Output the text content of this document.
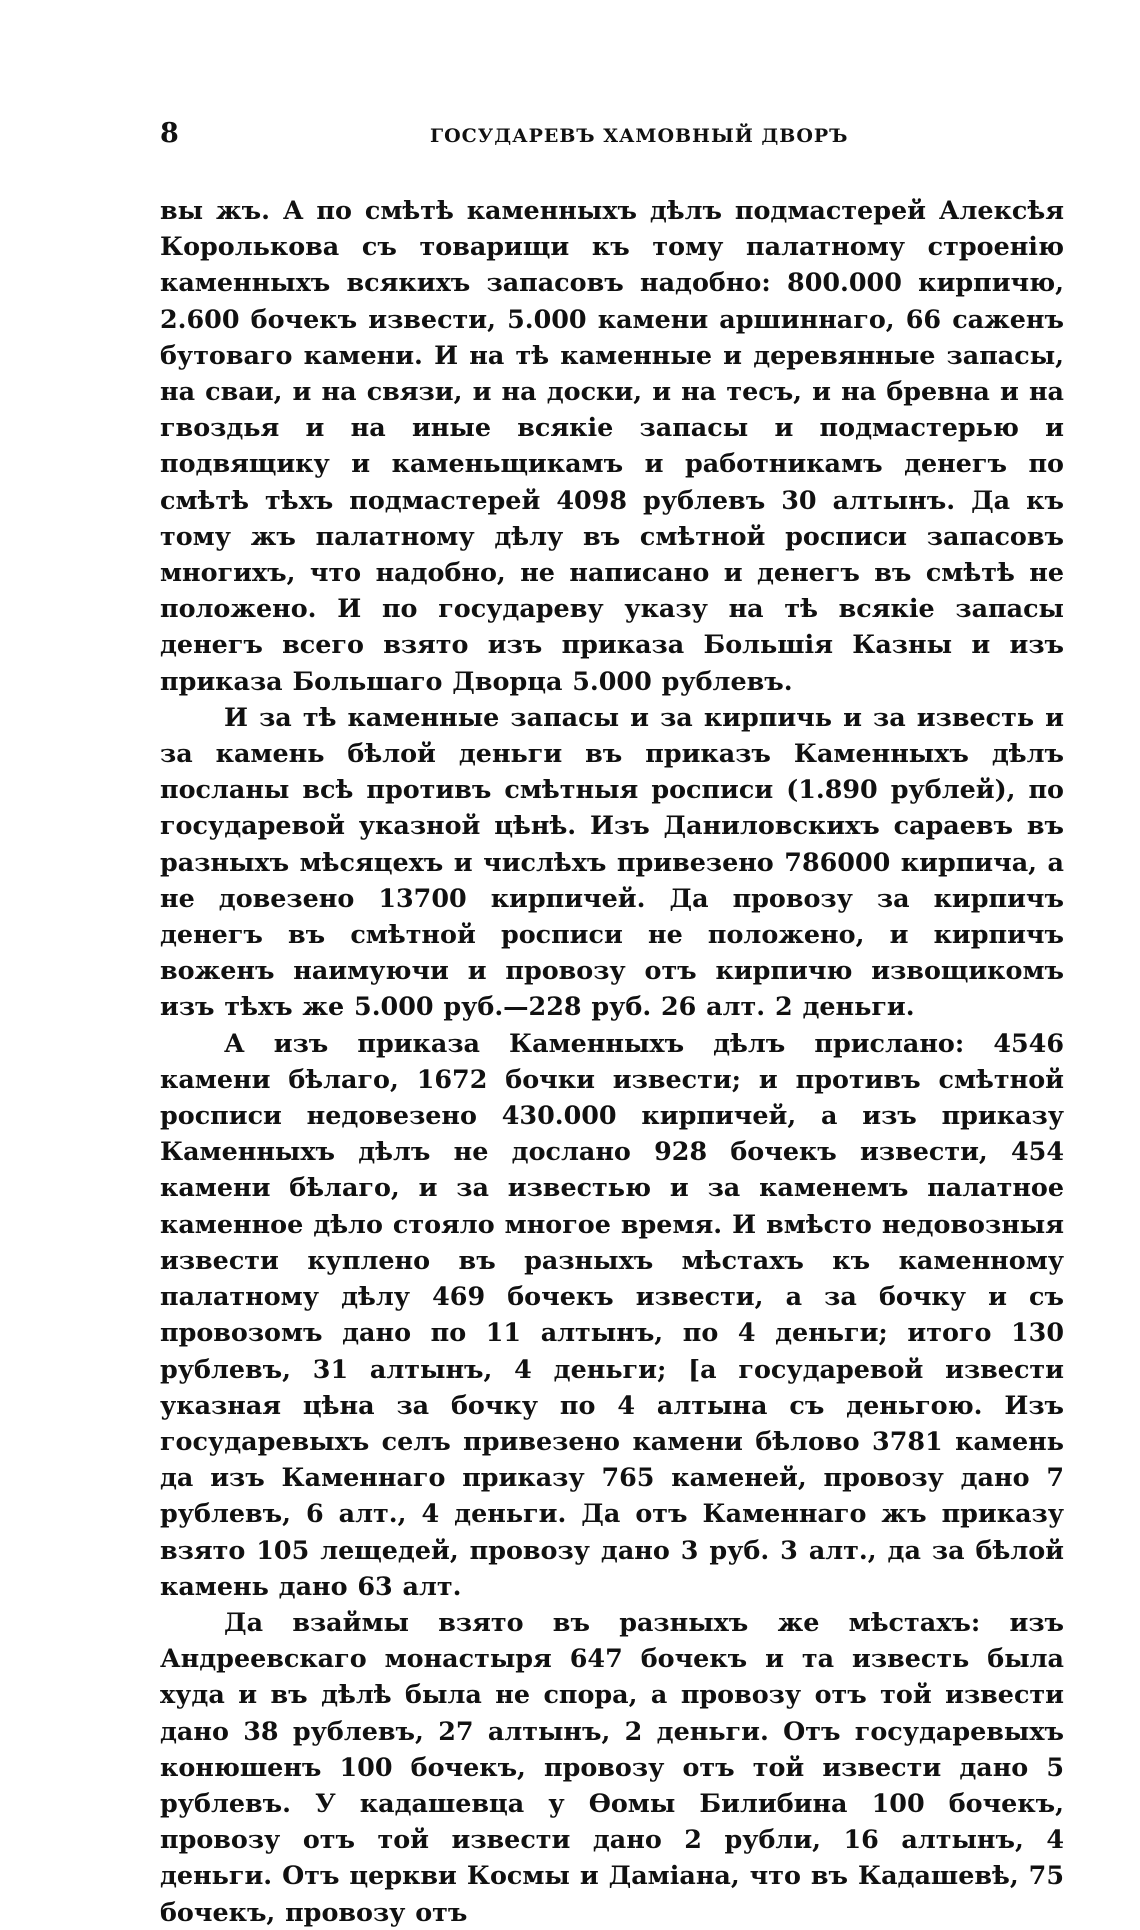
8	ГОСУДАРЕВЪ ХАМОВНЫЙ ДВОРЪ

вы жъ. А по смѣтѣ каменныхъ дѣлъ подмастерей Алексѣя Королькова съ товарищи къ тому палатному строенію каменныхъ всякихъ запасовъ надобно: 800.000 кирпичю, 2.600 бочекъ извести, 5.000 камени аршиннаго, 66 саженъ бутоваго камени. И на тѣ каменные и деревянные запасы, на сваи, и на связи, и на доски, и на тесъ, и на бревна и на гвоздья и на иные всякіе запасы и подмастерью и подвящику и каменьщикамъ и работникамъ денегъ по смѣтѣ тѣхъ подмастерей 4098 рублевъ 30 алтынъ. Да къ тому жъ палатному дѣлу въ смѣтной росписи запасовъ многихъ, что надобно, не написано и денегъ въ смѣтѣ не положено. И по государеву указу на тѣ всякіе запасы денегъ всего взято изъ приказа Большія Казны и изъ приказа Большаго Дворца 5.000 рублевъ.

И за тѣ каменные запасы и за кирпичь и за известь и за камень бѣлой деньги въ приказъ Каменныхъ дѣлъ посланы всѣ противъ смѣтныя росписи (1.890 рублей), по государевой указной цѣнѣ. Изъ Даниловскихъ сараевъ въ разныхъ мѣсяцехъ и числѣхъ привезено 786000 кирпича, а не довезено 13700 кирпичей. Да провозу за кирпичъ денегъ въ смѣтной росписи не положено, и кирпичъ воженъ наимуючи и провозу отъ кирпичю извощикомъ изъ тѣхъ же 5.000 руб.—228 руб. 26 алт. 2 деньги.

А изъ приказа Каменныхъ дѣлъ прислано: 4546 камени бѣлаго, 1672 бочки извести; и противъ смѣтной росписи недовезено 430.000 кирпичей, а изъ приказу Каменныхъ дѣлъ не дослано 928 бочекъ извести, 454 камени бѣлаго, и за известью и за каменемъ палатное каменное дѣло стояло многое время. И вмѣсто недовозныя извести куплено въ разныхъ мѣстахъ къ каменному палатному дѣлу 469 бочекъ извести, а за бочку и съ провозомъ дано по 11 алтынъ, по 4 деньги; итого 130 рублевъ, 31 алтынъ, 4 деньги; [а государевой извести указная цѣна за бочку по 4 алтына съ деньгою. Изъ государевыхъ селъ привезено камени бѣлово 3781 камень да изъ Каменнаго приказу 765 каменей, провозу дано 7 рублевъ, 6 алт., 4 деньги. Да отъ Каменнаго жъ приказу взято 105 лещедей, провозу дано 3 руб. 3 алт., да за бѣлой камень дано 63 алт.

Да взаймы взято въ разныхъ же мѣстахъ: изъ Андреевскаго монастыря 647 бочекъ и та известь была худа и въ дѣлѣ была не спора, а провозу отъ той извести дано 38 рублевъ, 27 алтынъ, 2 деньги. Отъ государевыхъ конюшенъ 100 бочекъ, провозу отъ той извести дано 5 рублевъ. У кадашевца у Ѳомы Билибина 100 бочекъ, провозу отъ той извести дано 2 рубли, 16 алтынъ, 4 деньги. Отъ церкви Космы и Даміана, что въ Кадашевѣ, 75 бочекъ, провозу отъ
